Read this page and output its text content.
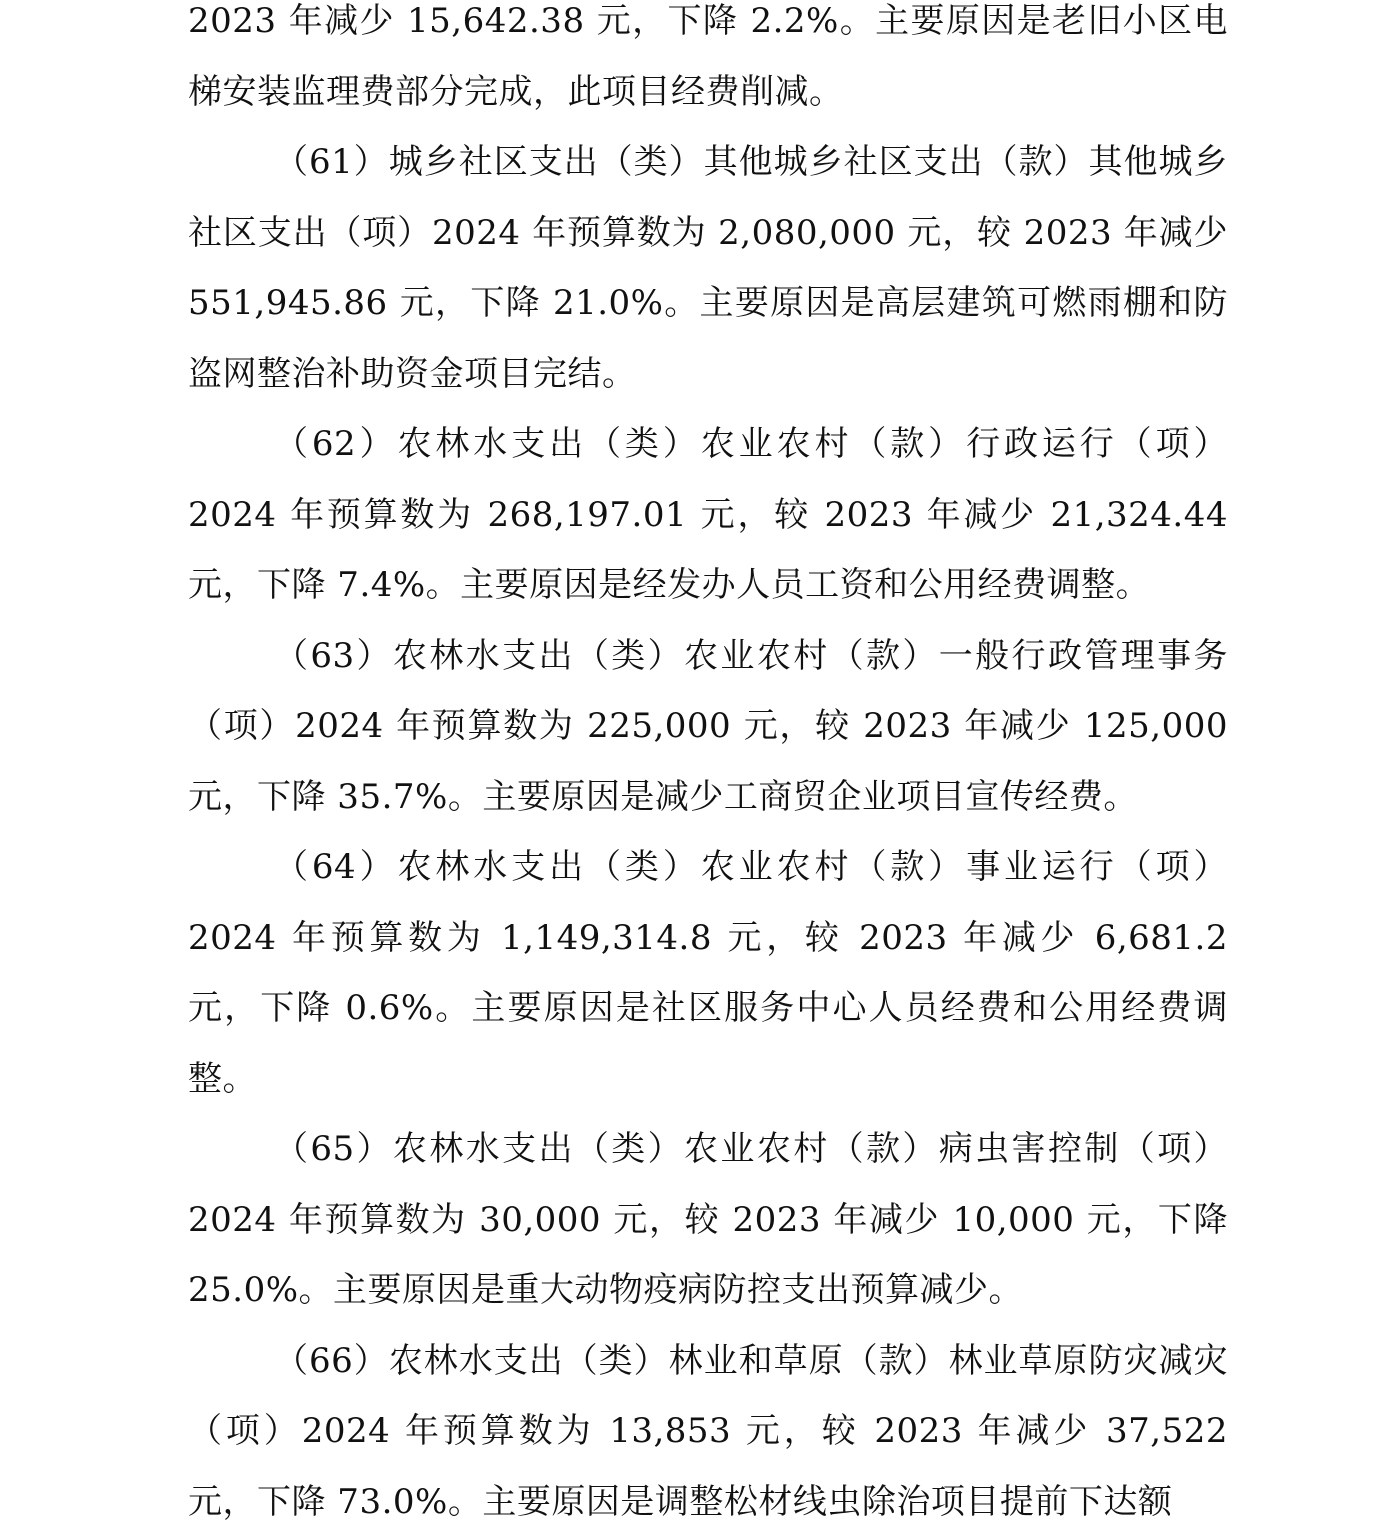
2023 年减少 15,642.38 元，下降 2.2%。主要原因是老旧小区电梯安装监理费部分完成，此项目经费削减。

（61）城乡社区支出（类）其他城乡社区支出（款）其他城乡社区支出（项）2024 年预算数为 2,080,000 元，较 2023 年减少 551,945.86 元，下降 21.0%。主要原因是高层建筑可燃雨棚和防盗网整治补助资金项目完结。

（62）农林水支出（类）农业农村（款）行政运行（项）2024 年预算数为 268,197.01 元，较 2023 年减少 21,324.44 元，下降 7.4%。主要原因是经发办人员工资和公用经费调整。

（63）农林水支出（类）农业农村（款）一般行政管理事务（项）2024 年预算数为 225,000 元，较 2023 年减少 125,000 元，下降 35.7%。主要原因是减少工商贸企业项目宣传经费。

（64）农林水支出（类）农业农村（款）事业运行（项）2024 年预算数为 1,149,314.8 元，较 2023 年减少 6,681.2 元，下降 0.6%。主要原因是社区服务中心人员经费和公用经费调整。

（65）农林水支出（类）农业农村（款）病虫害控制（项）2024 年预算数为 30,000 元，较 2023 年减少 10,000 元，下降 25.0%。主要原因是重大动物疫病防控支出预算减少。

（66）农林水支出（类）林业和草原（款）林业草原防灾减灾（项）2024 年预算数为 13,853 元，较 2023 年减少 37,522 元，下降 73.0%。主要原因是调整松材线虫除治项目提前下达额
